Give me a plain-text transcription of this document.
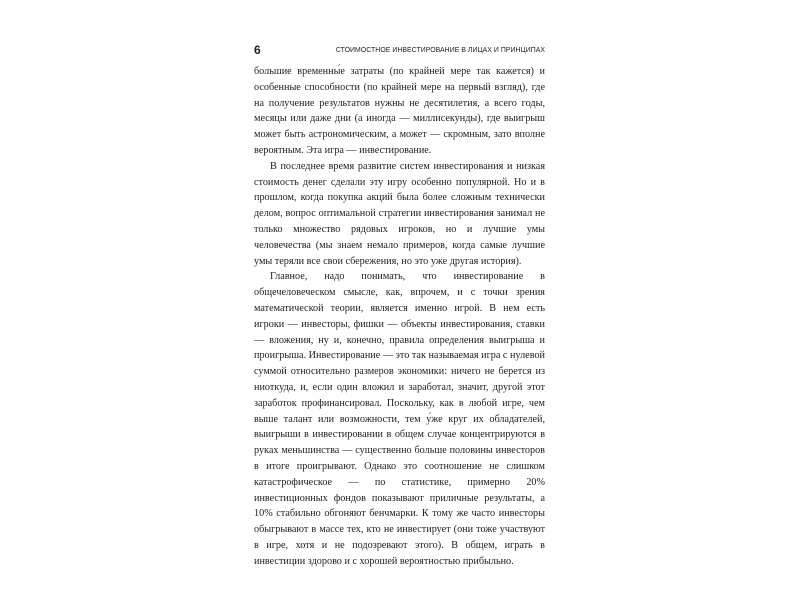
6	СТОИМОСТНОЕ ИНВЕСТИРОВАНИЕ В ЛИЦАХ И ПРИНЦИПАХ

большие временны́е затраты (по крайней мере так кажется) и особенные способности (по крайней мере на первый взгляд), где на получение результатов нужны не десятилетия, а всего годы, месяцы или даже дни (а иногда — миллисекунды), где выигрыш может быть астрономическим, а может — скромным, зато вполне вероятным. Эта игра — инвестирование.

В последнее время развитие систем инвестирования и низкая стоимость денег сделали эту игру особенно популярной. Но и в прошлом, когда покупка акций была более сложным технически делом, вопрос оптимальной стратегии инвестирования занимал не только множество рядовых игроков, но и лучшие умы человечества (мы знаем немало примеров, когда самые лучшие умы теряли все свои сбережения, но это уже другая история).

Главное, надо понимать, что инвестирование в общечеловеческом смысле, как, впрочем, и с точки зрения математической теории, является именно игрой. В нем есть игроки — инвесторы, фишки — объекты инвестирования, ставки — вложения, ну и, конечно, правила определения выигрыша и проигрыша. Инвестирование — это так называемая игра с нулевой суммой относительно размеров экономики: ничего не берется из ниоткуда, и, если один вложил и заработал, значит, другой этот заработок профинансировал. Поскольку, как в любой игре, чем выше талант или возможности, тем у́же круг их обладателей, выигрыши в инвестировании в общем случае концентрируются в руках меньшинства — существенно больше половины инвесторов в итоге проигрывают. Однако это соотношение не слишком катастрофическое — по статистике, примерно 20% инвестиционных фондов показывают приличные результаты, а 10% стабильно обгоняют бенчмарки. К тому же часто инвесторы обыгрывают в массе тех, кто не инвестирует (они тоже участвуют в игре, хотя и не подозревают этого). В общем, играть в инвестиции здорово и с хорошей вероятностью прибыльно.
